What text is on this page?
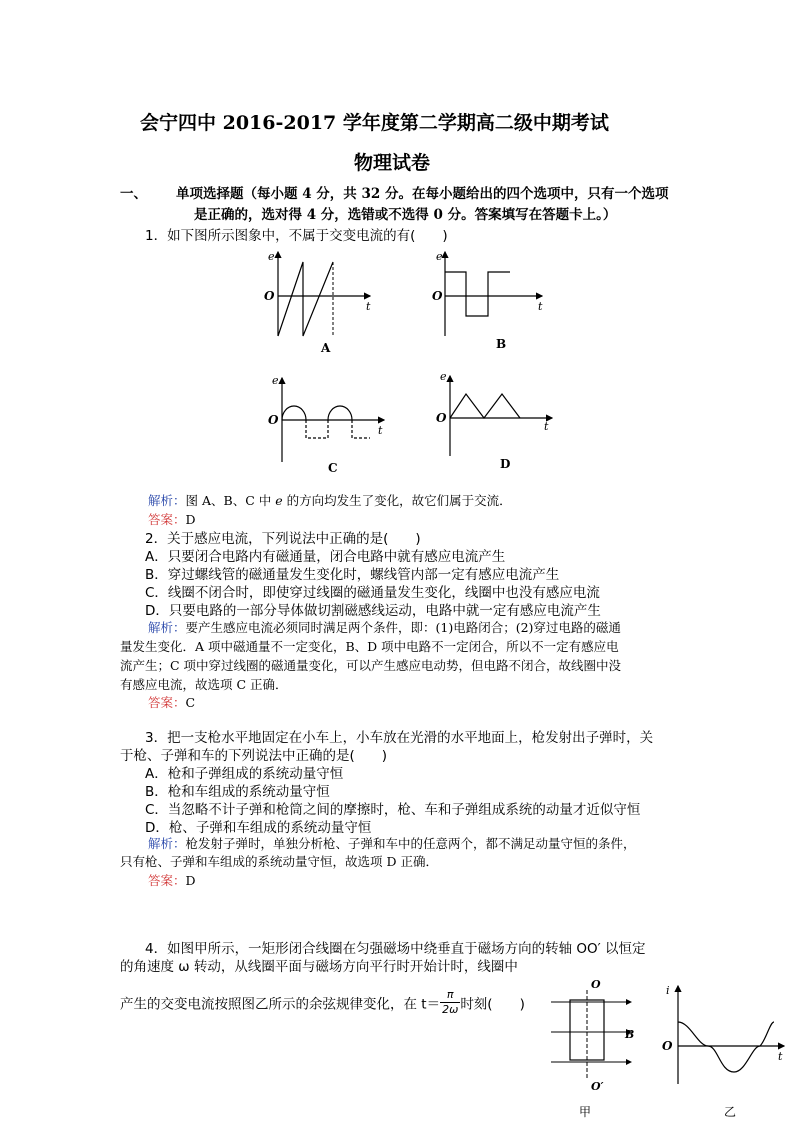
会宁四中 2016-2017 学年度第二学期高二级中期考试
物理试卷
一、 单项选择题（每小题 4 分，共 32 分。在每小题给出的四个选项中，只有一个选项
是正确的，选对得 4 分，选错或不选得 0 分。答案填写在答题卡上。）
1．如下图所示图象中，不属于交变电流的有(　　)
e
t
O
A
e
t
O
B
e
t
O
C
e
t
O
D
解析：图 A、B、C 中 e 的方向均发生了变化，故它们属于交流．
答案：D
2．关于感应电流，下列说法中正确的是(　　)
A．只要闭合电路内有磁通量，闭合电路中就有感应电流产生
B．穿过螺线管的磁通量发生变化时，螺线管内部一定有感应电流产生
C．线圈不闭合时，即使穿过线圈的磁通量发生变化，线圈中也没有感应电流
D．只要电路的一部分导体做切割磁感线运动，电路中就一定有感应电流产生
解析：要产生感应电流必须同时满足两个条件，即：(1)电路闭合；(2)穿过电路的磁通
量发生变化．A 项中磁通量不一定变化，B、D 项中电路不一定闭合，所以不一定有感应电
流产生；C 项中穿过线圈的磁通量变化，可以产生感应电动势，但电路不闭合，故线圈中没
有感应电流，故选项 C 正确．
答案：C
3．把一支枪水平地固定在小车上，小车放在光滑的水平地面上，枪发射出子弹时，关
于枪、子弹和车的下列说法中正确的是(　　)
A．枪和子弹组成的系统动量守恒
B．枪和车组成的系统动量守恒
C．当忽略不计子弹和枪筒之间的摩擦时，枪、车和子弹组成系统的动量才近似守恒
D．枪、子弹和车组成的系统动量守恒
解析：枪发射子弹时，单独分析枪、子弹和车中的任意两个，都不满足动量守恒的条件，
只有枪、子弹和车组成的系统动量守恒，故选项 D 正确．
答案：D
4．如图甲所示，一矩形闭合线圈在匀强磁场中绕垂直于磁场方向的转轴 OO′ 以恒定
的角速度 ω 转动，从线圈平面与磁场方向平行时开始计时，线圈中
产生的交变电流按照图乙所示的余弦规律变化，在 $t= \frac{\pi}{2\omega}$ 时刻(　　)
O
B
O′
甲
i
t
O
乙
